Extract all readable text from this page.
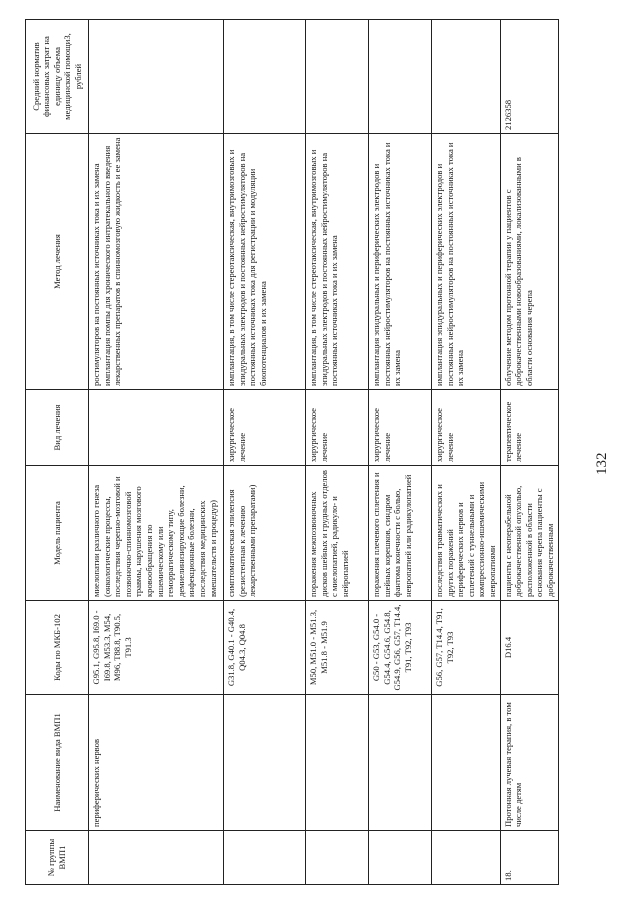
132
№ группы ВМП1	Наименование вида ВМП1	Коды по МКБ-102	Модель пациента	Вид лечения	Метод лечения	Средний норматив финансовых затрат на единицу объема медицинской помощи3, рублей
	периферических нервов	G95.1, G95.8, I69.0 - I69.8, M53.3, M54, M96, T88.8, T90.5, T91.3	миелопатии различного генеза (онкологические процессы, последствия черепно-мозговой и позвоночно-спинномозговой травмы, нарушения мозгового кровообращения по ишемическому или геморрагическому типу, демиелинизирующие болезни, инфекционные болезни, последствия медицинских вмешательств и процедур)		ростимуляторов на постоянных источниках тока и их замена имплантация помпы для хронического интратекального введения лекарственных препаратов в спинномозговую жидкость и ее замена	
		G31.8, G40.1 - G40.4, Q04.3, Q04.8	симптоматическая эпилепсия (резистентная к лечению лекарственными препаратами)	хирургическое лечение	имплантация, в том числе стереотаксическая, внутримозговых и эпидуральных электродов и постоянных нейростимуляторов на постоянных источниках тока для регистрации и модуляции биопотенциалов и их замена	
		M50, M51.0 - M51.3, M51.8 - M51.9	поражения межпозвоночных дисков шейных и грудных отделов с миелопатией, радикуло- и нейропатией	хирургическое лечение	имплантация, в том числе стереотаксическая, внутримозговых и эпидуральных электродов и постоянных нейростимуляторов на постоянных источниках тока и их замена	
		G50 - G53, G54.0 - G54.4, G54.6, G54.8, G54.9, G56, G57, T14.4, T91, T92, T93	поражения плечевого сплетения и шейных корешков, синдром фантома конечности с болью, невропатией или радикулопатией	хирургическое лечение	имплантация эпидуральных и периферических электродов и постоянных нейростимуляторов на постоянных источниках тока и их замена	
		G56, G57, T14.4, T91, T92, T93	последствия травматических и других поражений периферических нервов и сплетений с туннельными и компрессионно-ишемическими невропатиями	хирургическое лечение	имплантация эпидуральных и периферических электродов и постоянных нейростимуляторов на постоянных источниках тока и их замена	
18.	Протонная лучевая терапия, в том числе детям	D16.4	пациенты с неоперабельной доброкачественной опухолью, расположенной в области основания черепа пациенты с доброкачественным	терапевтическое лечение	облучение методом протонной терапии у пациентов с доброкачественными новообразованиями, локализованными в области основания черепа	2126358
